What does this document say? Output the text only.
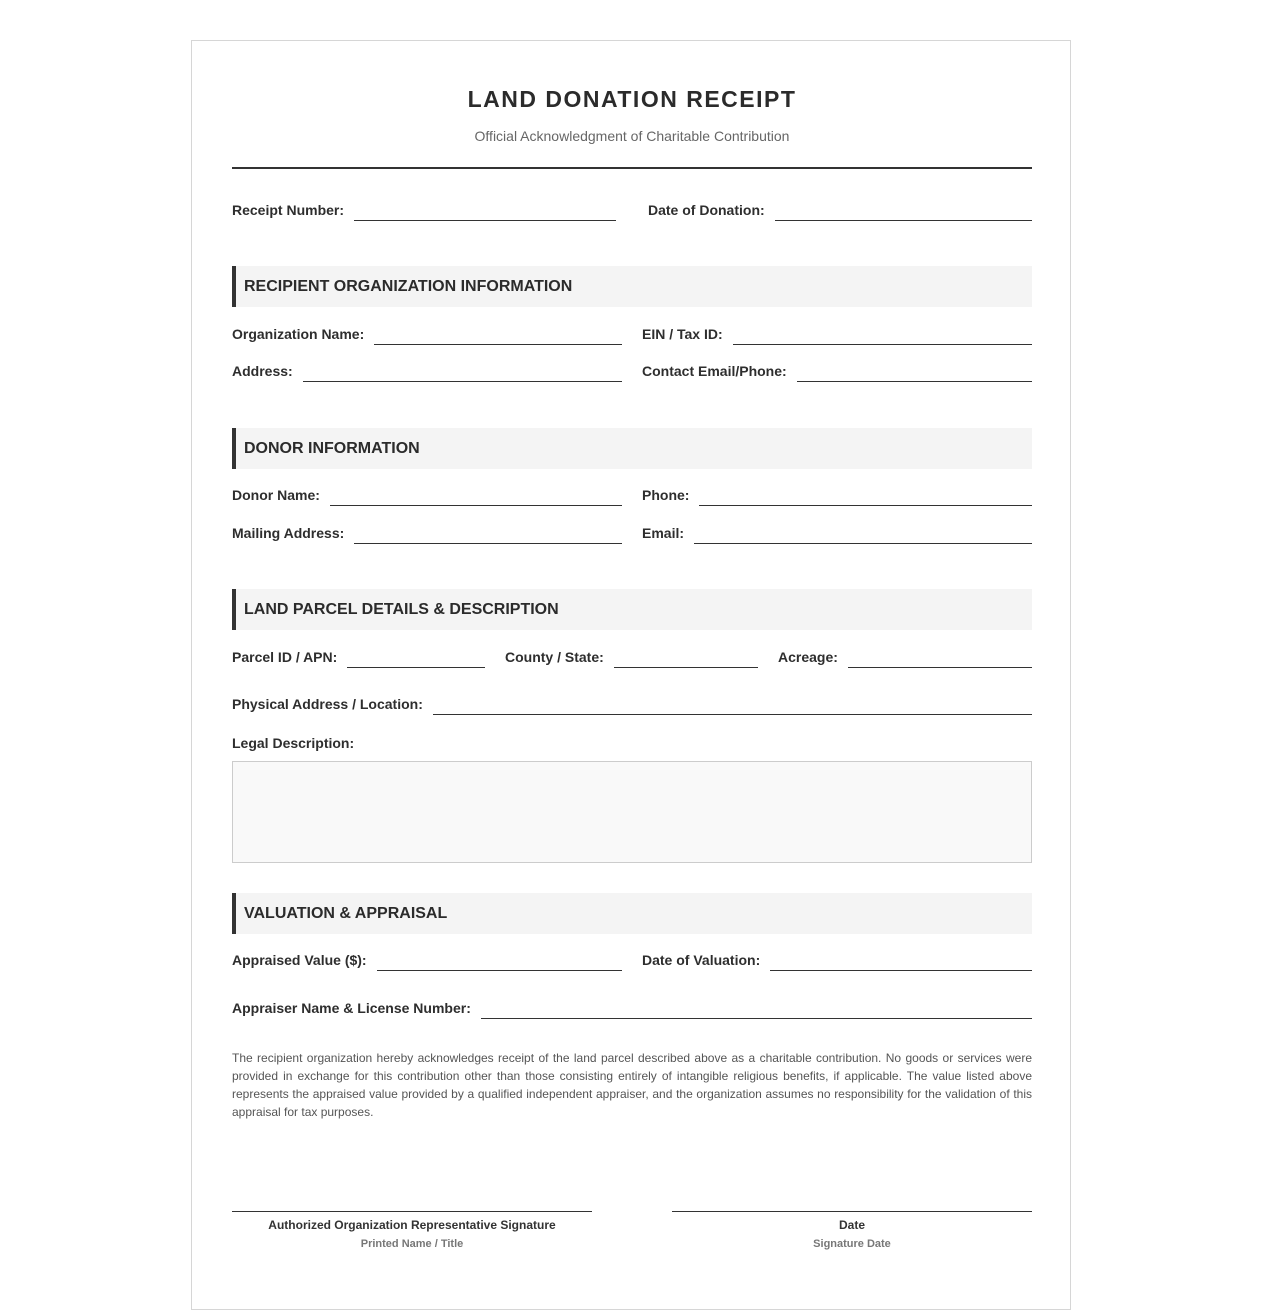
LAND DONATION RECEIPT
Official Acknowledgment of Charitable Contribution
Receipt Number:	Date of Donation:
RECIPIENT ORGANIZATION INFORMATION
Organization Name:	EIN / Tax ID:
Address:	Contact Email/Phone:
DONOR INFORMATION
Donor Name:	Phone:
Mailing Address:	Email:
LAND PARCEL DETAILS & DESCRIPTION
Parcel ID / APN:	County / State:	Acreage:
Physical Address / Location:
Legal Description:
VALUATION & APPRAISAL
Appraised Value ($):	Date of Valuation:
Appraiser Name & License Number:
The recipient organization hereby acknowledges receipt of the land parcel described above as a charitable contribution. No goods or services were provided in exchange for this contribution other than those consisting entirely of intangible religious benefits, if applicable. The value listed above represents the appraised value provided by a qualified independent appraiser, and the organization assumes no responsibility for the validation of this appraisal for tax purposes.
Authorized Organization Representative Signature
Printed Name / Title
Date
Signature Date
